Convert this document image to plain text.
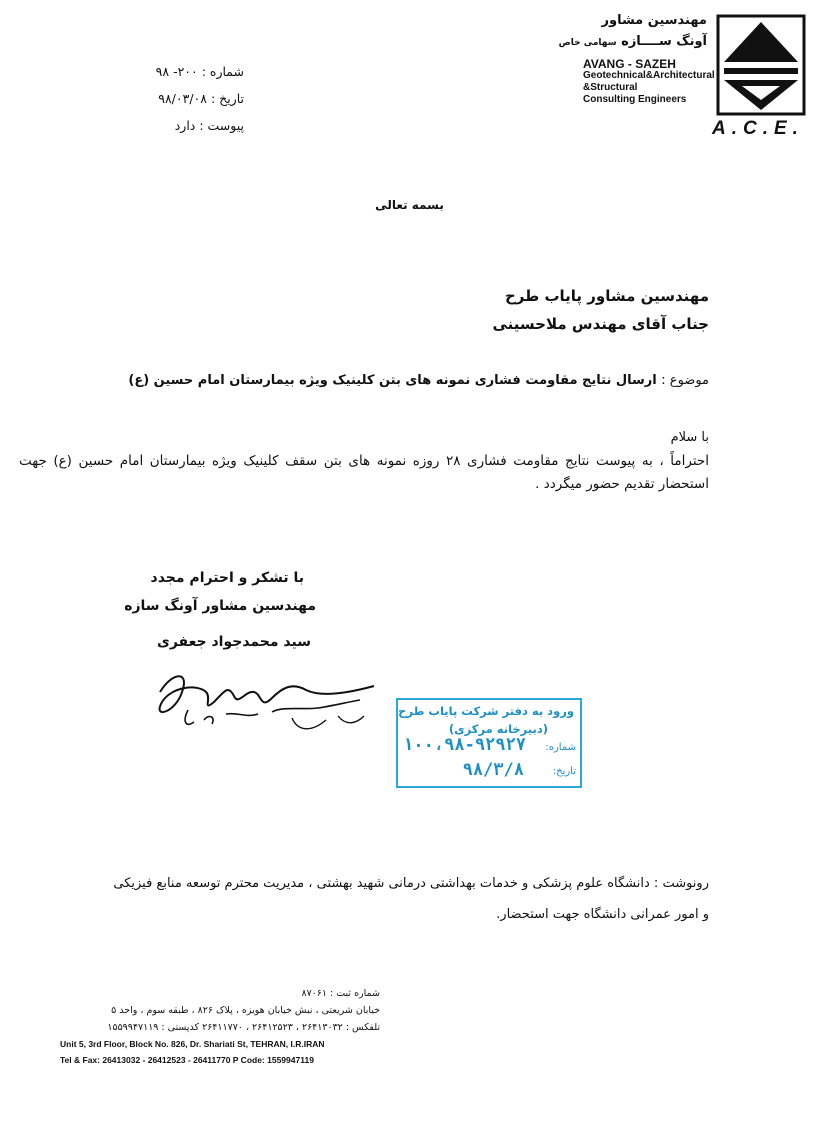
A.C.E.
مهندسین مشاور
آونگ ســــازه سهامی خاص
AVANG - SAZEH
Geotechnical&Architectural
&Structural
Consulting Engineers
شماره : ۲۰۰- ۹۸
تاریخ : ۹۸/۰۳/۰۸
پیوست : دارد
بسمه تعالی
مهندسین مشاور پایاب طرح
جناب آقای مهندس ملاحسینی
موضوع : ارسال نتایج مقاومت فشاری نمونه های بتن کلینیک ویژه بیمارستان امام حسین (ع)
با سلام
احتراماً ، به پیوست نتایج مقاومت فشاری ۲۸ روزه نمونه های بتن سقف کلینیک ویژه بیمارستان امام حسین (ع) جهت استحضار تقدیم حضور میگردد .
با تشکر و احترام مجدد
مهندسین مشاور آونگ سازه
سید محمدجواد جعفری
ورود به دفتر شرکت پایاب طرح
(دبیرخانه مرکزی)
شماره:
۱۰۰،۹۸-۹۲۹۲۷
تاریخ:
۹۸/۳/۸
رونوشت : دانشگاه علوم پزشکی و خدمات بهداشتی درمانی شهید بهشتی ، مدیریت محترم توسعه منابع فیزیکی و امور عمرانی دانشگاه جهت استحضار.
شماره ثبت : ۸۷۰۶۱
خیابان شریعتی ، نبش خیابان هویزه ، پلاک ۸۲۶ ، طبقه سوم ، واحد ۵
تلفکس : ۲۶۴۱۳۰۳۲ ، ۲۶۴۱۲۵۲۳ ، ۲۶۴۱۱۷۷۰ کدپستی : ۱۵۵۹۹۴۷۱۱۹
Unit 5, 3rd Floor, Block No. 826, Dr. Shariati St, TEHRAN, I.R.IRAN
Tel & Fax: 26413032 - 26412523 - 26411770 P Code: 1559947119
